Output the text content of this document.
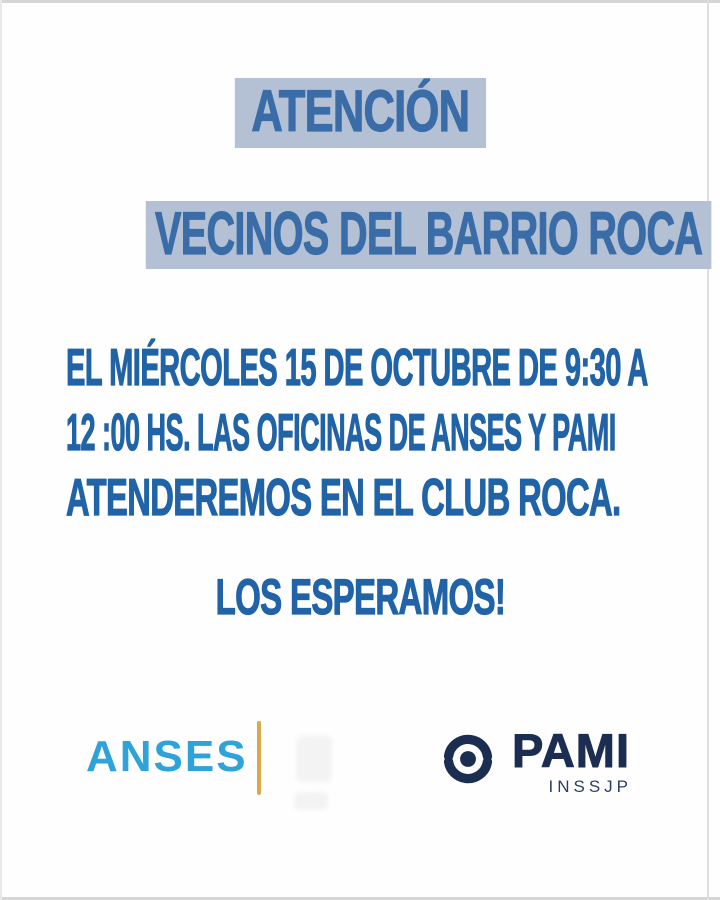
ATENCIÓN
VECINOS DEL BARRIO ROCA
EL MIÉRCOLES 15 DE OCTUBRE DE 9:30 A
12 :00 HS. LAS OFICINAS DE ANSES Y PAMI
ATENDEREMOS EN EL CLUB ROCA.
LOS ESPERAMOS!
ANSES	PAMI
INSSJP
